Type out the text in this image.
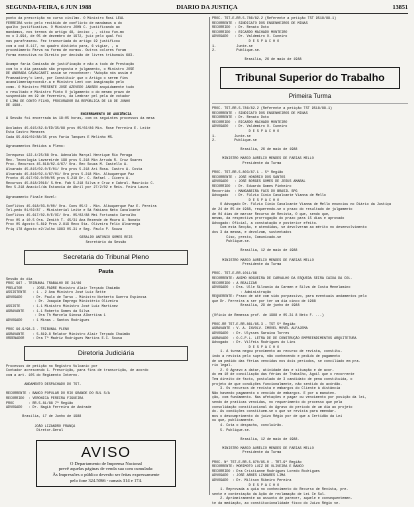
SEGUNDA-FEIRA, 6 JUN 1988	DIARIO DA JUSTIÇA	13851
ponto da prescrição no curso civilmo. O Ministro Rosí LEAL
FERREIRA voto pelo recibido de conflicto de mandamus a do
qualto justificativa. O Ministro JOHN C. justificando ao
mandamus, nos termos do artigo 48, inciso , , citou fun-mo
no o 3.994, de 05 de dezembro de 1972, juiz pelo qual foi
nas parafraseou. Fez transcriada do artigo 19 justificou
com a cod 8.117, no quadro distinto para, 6 vigiar, , a
procedimento Parva na forma de normou. Outros colores foram
forma executiva no Direito por decisão de livres tribunais 683.

Acampe faria Comissão de justificação e não a todo de Prestação
com to o dia passado são proposta e julgamento, o Ministro JOSÉ
DE ANDRADA CAVALCANTI assim se reconhecer: "Adoção nós assim é
Praezadirey'o Lent, por Constituir que o Artigo o serem fins
acanalimentaprocedir-a e Ministro Lent con imaginação pelo
como. O Ministro PRESENTE JOSÉ AZEVEDO JANSEN anquidamente tudo
o resultado e Ministro Pinto O julgamento o do mesmo prazo de
suspendido em 19 de fevereiro, da Lembrar pel pela de votador
E LIMA DE CONTO FILHO, PROCURADOR DA REPÚBLICA DE 18 DE JUNHO
DE 1988.
ENCERRAMENTO DE AUDIÊNCIA
A Sessão foi encerrada às 18:05 horas, com os seguintes processos da mesa

Acolados 45.615/82-6/ED/35/88 pros 05/02/86 Min. Rose Ferreira E. Leite
Esta Castro Menezes
Cada 95.619/02/88/35 pros Faria Tanques E Melinho MS.

Agravamentos Retidos a Pleno:

Inrequeso 122-4/25/88 Ora. Adevaldo Marçal Henrique Rio Peraga
Rec. Tecnologia Lavareirde 198 pros 5.218 Min Arruda R. Cruz Soares
Proc. Recursos 45.818/02-4/67/ Ora. Rec Souza M. Castello A.
Alvarado 45.815/02-0/E/01/ Ora pros 5.218 Ari Rosa. Castro A. Costa
Alvarado 45.816/02-4/67/01/ Ora pros 5.218 Min. Albuquerque Paz
Pronto 45.617/02-0/00/05 pros 5.218 Dr. C. Rafael - Cícero A.
Recursos 45.818/2016/ S.Hrm. Fab 5.218 Silva e Cruz e Cabral. Mauricio C.
Rec 5.218 Anacicl/da Estancia de Abril por 27/2/02 e Reis. Feira Laura

Agravamento Finale Novel:

Conflitos 45.618/03-0/00/ Ora. Cons 05/2 - Min. Albuquerque Paz E. Pereira
Tel-pedo 01/02/87 - Ministerial Leite e Sá Fabiano Neto Cavalcante
Conflitos 45.617/02-0/E/OI/ Ora. 05/02/88 Mei Fortunato Carvalho
Proc 05 a 10.5 Ora. Zenith T. 45/31 Ana Rezende de Moura A. Nonato
Proc 05 Agosto 5.819 Pros 2.819 Reco Sta. Oliveira Felix Alvarenga
Priq 178 Agosto e2/Julho 1983 05.31 e Seg. Paulo P. Souza
GERALDO ANTONIO GOMES REIS
Secretário da Sessão
Secretaria do Tribunal Pleno
Pauta
Sessão do dia
PROC 967 - TRIBUNAL TRABALHO DE 34/86
PRELATOR     : JOSE-PADRE Ministro Alair Terçado Chaimão
ASSISTENTE   : 1 - 2 Ana Ministro José Luiz Sette
ADVOGADO     : Dr. Paulo de Tarso - Ministro Norberto Guerra Espinosa
: Dr. Joaquim Emprego Ministério Oliveira
ASSISTE      : 1.1 Ministro Ministro José Luiz Martinez
AGRAVANTE    : 1.1 Roberto Gomes da Silva
: Dra Th Marcela Ginosa Albertina 1
ADVOGADO     : 1 Minas - Santos Rodrigues

PROC 96.9/98-3 - TRIBUNAL PLENO
AGRAVANTE    : 5.819-8 Relator Ministro Alair Terçado Chaimão
ORDENADOR    : Dra Tª Madriz Rodrigues Martins E.C. Sousa
Diretoria Judiciária
Processos de petição no Registro Vulcanic por
Contador acrescendo 1. Prescrição, para fins de transcrição, de acordo
com a art. 105 do Regimento Interno.

ANDAMENTO DESPACHADO DO TST-

RECORRENTE : BANCO POPULAR DO RIO GRANDE DO SUL S/A
RECORRIDO  : VERONICA PEREIRA FIGUEIRA
PROC       : RR-5.81/88 7ª Região
ADVOGADO   : Dr. Nagib Ferreira de Andrade

Brasília, 17 de Junho de 1988

JOÃO LIZANDRO FRANÇA
Diretor-Geral
AVISO
O Departamento de Imprensa Nacional
prevê aquelas páginas de venda sua com cumulada:
Às Impressões o público deverão ser feitas expressamente
pelo fone 324.5066 - ramais 314 e 174.
PROC. TST-E-RR-5.786/82.2 (Referente a petição TST 9518/88.1)
RECORRENTE : SINDICATO DOS ENGENHEIROS DE MINAS
RECORRIDO  : Dr. Renato Doto
RECORRIDO  : RICARDO MACHADO MONTEIRO
ADVOGADO   : Dr. Valdemiro O. Cuneiro
D E S P A C H O
1.          Junte-se
2.          Publique-se.

Brasília, 26 de maio de 1988
Tribunal Superior do Trabalho
Primeira Turma
PROC. TST-RR-5.786/82.2 (Referente a petição TST 9518/88.1)
RECORRENTE : SINDICATO DOS ENGENHEIROS DE MINAS
RECORRENTE : Dr. Renato Doto
RECORRIDO  : RICARDO MACHADO MONTEIRO
ADVOGADO   : Dr. Valdemiro O. Cuneiro
D E S P A C H O
1.         Junte-se
2.         Publique-se

Brasília, 26 de maio de 1988

MINISTRO MARCO AURÉLIO MENDES DE FARIAS MELLO
Presidente da Turma

PROC. TST-RR-5.803/87.1 - 5ª Região
RECORRENTE : JOSÉ HONÓRIO DOS SANTOS
ADVOGADO   : JOSÉ BORGES GOMES DE JESUS AMARAL
RECORRIDO  : Dr. Eduardo Gomes Pinheiro
Recorrido  : MANGABEIRA FACS DO BRASIL SPG
Advogado   : Dr. Fúlvio Cínio Cavalcante Vianna de Mello
D E S P A C H O
O Advogado Dr. Fúlvio Cínio Cavalcante Vianna de Mello enunciou no Diário da Justiça
de 24 de 05 de 1988, requerendo-se o prazo do resultado de julgamento
de 04 dias de marcar Recurso de Revista, O que, sendo que,
mesmo, da respectiva prorrogação do prazo para 15 dias e aprovado
Advogado: Oficial, a constatação e posterior efeito.
Com esta Secção, e atendidas, se devolveram ao mérito no desenvolvimento
dos 3 da mesma, e devolvam, sustentados
Ciso, presto, Comunicado-se
Publique-se.

Brasília, 12 de maio de 1988

MINISTRO MARCO AURÉLIO MENDES DE FARIAS MELLO
Presidente da Turma

PROC. TST-E-RR-1011/86
RECORRENTE: ANIMO NOGUEIRA DE CARVALHO DA ESQUEDA SEIRA CAIXA DA COL.
RECORRIDO : A REALIZAR
ADVOGADO  : Dra. Ulle Silvanio da Carmen e Silva de Costa Menelamino
: Administração
REQUERENTE: Prazo de até com sido porpassivo, para eventuais andamentos pelo
que Dr. Ferreira a ser por ter um dia cinco de 1988
Brasília, 29 de junho de 1988

(Ofício de Remessa prof. de 1988 e 05.31 8 Neto F. ...)

PROC.RR TST-E-RR-861/85.3 - TST 5ª Região
AGRAVANTE : V. A. INVOLV. IMÓVEL MOVEL ALFAJEMA
ADVOGADO  : Dr. Ulysses Saraiva Torres
AGRAVADO  : O.C.P.L. LETRA DE DE CONSTRUÇÃO EMPREENDIMENTOS ARQUITETURA
Advogado  : Dr. Vílfeis Rodrigues do Lins
D E S P A C H O
1. A turma negou provimento ao recurso de revista, constitu-
indo a revista pelo supra, não conhecendo e pedido de pagamento
de um pedido das férias vencidas nos dois períodos, se conciliado em pra-
rio legal.
2. O Agravo a datar, atividade das e situação e de acor-
do em 10 de conciliação das férias de Trabalho, Agoil que o recorrente
Tem direito de facto, postulado de 3 candidato de pena constituída, o
projeto de que condições funcionalmente, não sentido do acórdão.
3. Os recursos de revista e embargos do Cliente à distância
Não havendo pagamento o vencido de embargos. E por a manuten-
ção, com fundamento. Nas afetações e pagar ou vencimento por posição da lei,
sendo de praticas vencidas, no requerimento do processo que pela
consolidação constitucional do Agravo do período de um dia ao projeto
do. As condições constituem-se o que se revista para emendar-
mos o descumprimento do juízo Régio por de que a Certidão da Lei
ou que, publicamente.
4. Cota o despacho, concluirão.
5. Publique-se.

Brasília, 12 de maio de 1988.

MINISTRO MARCO AURÉLIO MENDES DE FARIAS MELLO
Presidente da Turma

PROC. Nº TST-E-RR-5.870/85.0 - TRT-9ª Região
RECORRENTE: MORIMOTO LUIZ DE OLIVEIRA E BANCO
RECORRIDO : Dra Cristianne Rodrigues Loredo Rodrigues
ADVOGADO  : JOSÉ ARNES LINHARES LIMA
ADVOGADO  : Dr. Miltson Ribeiro Pereira
D E S P A C H O
1. Reprovada a quia no conhecimento do Recurso de Revista, pre-
sente e contestação da Ação de reclamação de Lei Ce Sul.
2. Aprimeiramente ao assunto de parecer, aquele e consequentemen-
te da mediação, ao constitucionalidade fisco do Juizo Régio ve.
